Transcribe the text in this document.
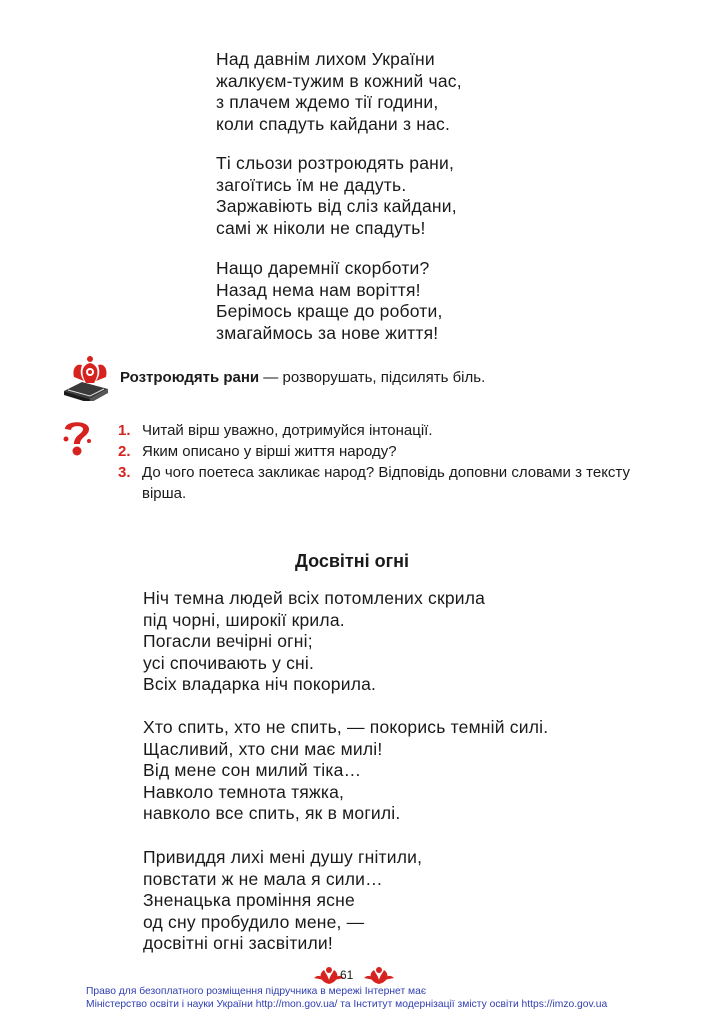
Над давнім лихом України
жалкуєм-тужим в кожний час,
з плачем ждемо тії години,
коли спадуть кайдани з нас.
Ті сльози розтроюдять рани,
загоїтись їм не дадуть.
Заржавіють від сліз кайдани,
самі ж ніколи не спадуть!
Нащо даремнії скорботи?
Назад нема нам воріття!
Берімось краще до роботи,
змагаймось за нове життя!
Розтроюдять рани — розворушать, підсилять біль.
1. Читай вірш уважно, дотримуйся інтонації.
2. Яким описано у вірші життя народу?
3. До чого поетеса закликає народ? Відповідь доповни словами з тексту вірша.
Досвітні огні
Ніч темна людей всіх потомлених скрила
під чорні, широкії крила.
Погасли вечірні огні;
усі спочивають у сні.
Всіх владарка ніч покорила.
Хто спить, хто не спить, — покорись темній силі.
Щасливий, хто сни має милі!
Від мене сон милий тіка…
Навколо темнота тяжка,
навколо все спить, як в могилі.
Привиддя лихі мені душу гнітили,
повстати ж не мала я сили…
Зненацька проміння ясне
од сну пробудило мене, —
досвітні огні засвітили!
61
Право для безоплатного розміщення підручника в мережі Інтернет має
Міністерство освіти і науки України http://mon.gov.ua/ та Інститут модернізації змісту освіти https://imzo.gov.ua
